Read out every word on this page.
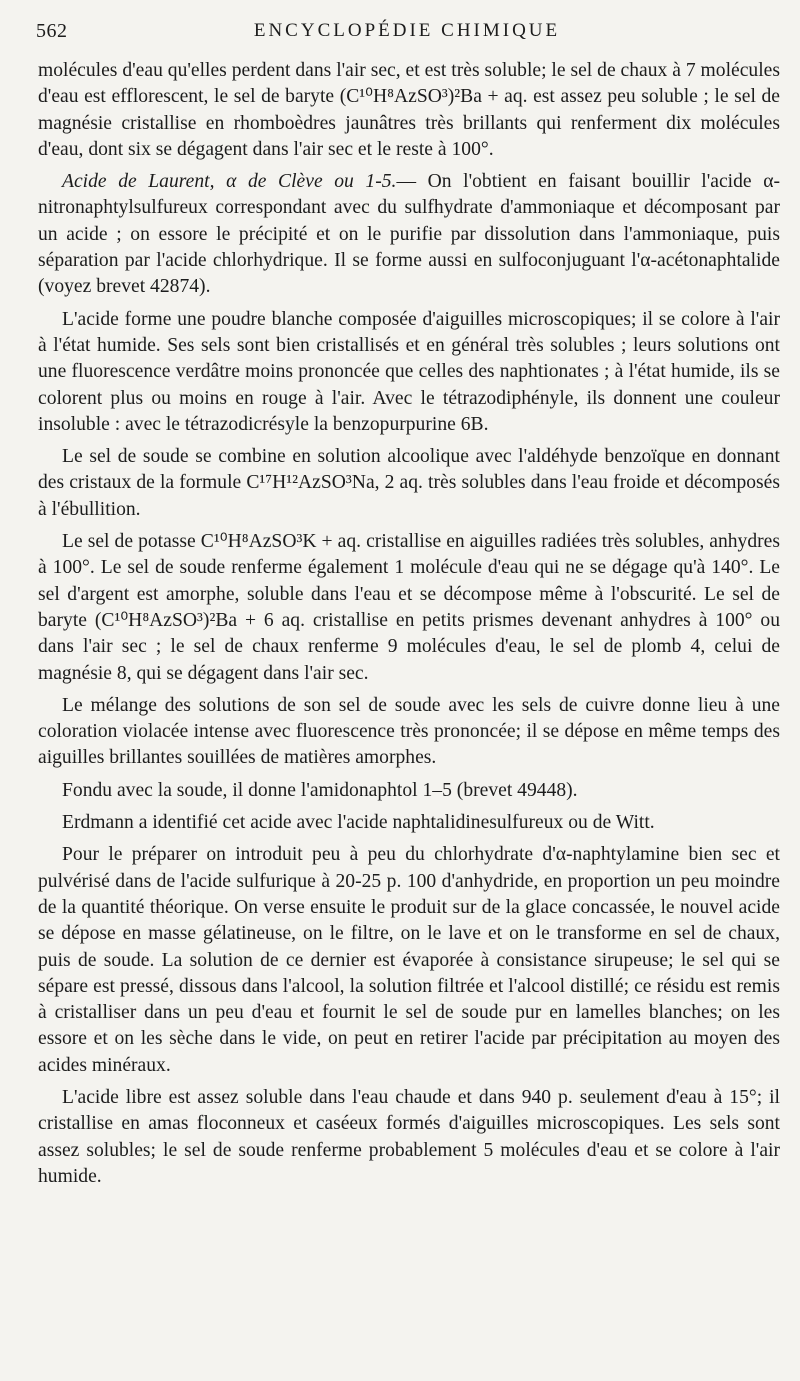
562	ENCYCLOPÉDIE CHIMIQUE

molécules d'eau qu'elles perdent dans l'air sec, et est très soluble; le sel de chaux à 7 molécules d'eau est efflorescent, le sel de baryte (C¹⁰H⁸AzSO³)²Ba + aq. est assez peu soluble ; le sel de magnésie cristallise en rhomboèdres jaunâtres très brillants qui renferment dix molécules d'eau, dont six se dégagent dans l'air sec et le reste à 100°.

Acide de Laurent, α de Clève ou 1-5.— On l'obtient en faisant bouillir l'acide α-nitronaphtylsulfureux correspondant avec du sulfhydrate d'ammoniaque et décomposant par un acide ; on essore le précipité et on le purifie par dissolution dans l'ammoniaque, puis séparation par l'acide chlorhydrique. Il se forme aussi en sulfoconjuguant l'α-acétonaphtalide (voyez brevet 42874).

L'acide forme une poudre blanche composée d'aiguilles microscopiques; il se colore à l'air à l'état humide. Ses sels sont bien cristallisés et en général très solubles ; leurs solutions ont une fluorescence verdâtre moins prononcée que celles des naphtionates ; à l'état humide, ils se colorent plus ou moins en rouge à l'air. Avec le tétrazodiphényle, ils donnent une couleur insoluble : avec le tétrazodicrésyle la benzopurpurine 6B.

Le sel de soude se combine en solution alcoolique avec l'aldéhyde benzoïque en donnant des cristaux de la formule C¹⁷H¹²AzSO³Na, 2 aq. très solubles dans l'eau froide et décomposés à l'ébullition.

Le sel de potasse C¹⁰H⁸AzSO³K + aq. cristallise en aiguilles radiées très solubles, anhydres à 100°. Le sel de soude renferme également 1 molécule d'eau qui ne se dégage qu'à 140°. Le sel d'argent est amorphe, soluble dans l'eau et se décompose même à l'obscurité. Le sel de baryte (C¹⁰H⁸AzSO³)²Ba + 6 aq. cristallise en petits prismes devenant anhydres à 100° ou dans l'air sec ; le sel de chaux renferme 9 molécules d'eau, le sel de plomb 4, celui de magnésie 8, qui se dégagent dans l'air sec.

Le mélange des solutions de son sel de soude avec les sels de cuivre donne lieu à une coloration violacée intense avec fluorescence très prononcée; il se dépose en même temps des aiguilles brillantes souillées de matières amorphes.

Fondu avec la soude, il donne l'amidonaphtol 1–5 (brevet 49448).

Erdmann a identifié cet acide avec l'acide naphtalidinesulfureux ou de Witt.

Pour le préparer on introduit peu à peu du chlorhydrate d'α-naphtylamine bien sec et pulvérisé dans de l'acide sulfurique à 20-25 p. 100 d'anhydride, en proportion un peu moindre de la quantité théorique. On verse ensuite le produit sur de la glace concassée, le nouvel acide se dépose en masse gélatineuse, on le filtre, on le lave et on le transforme en sel de chaux, puis de soude. La solution de ce dernier est évaporée à consistance sirupeuse; le sel qui se sépare est pressé, dissous dans l'alcool, la solution filtrée et l'alcool distillé; ce résidu est remis à cristalliser dans un peu d'eau et fournit le sel de soude pur en lamelles blanches; on les essore et on les sèche dans le vide, on peut en retirer l'acide par précipitation au moyen des acides minéraux.

L'acide libre est assez soluble dans l'eau chaude et dans 940 p. seulement d'eau à 15°; il cristallise en amas floconneux et caséeux formés d'aiguilles microscopiques. Les sels sont assez solubles; le sel de soude renferme probablement 5 molécules d'eau et se colore à l'air humide.
